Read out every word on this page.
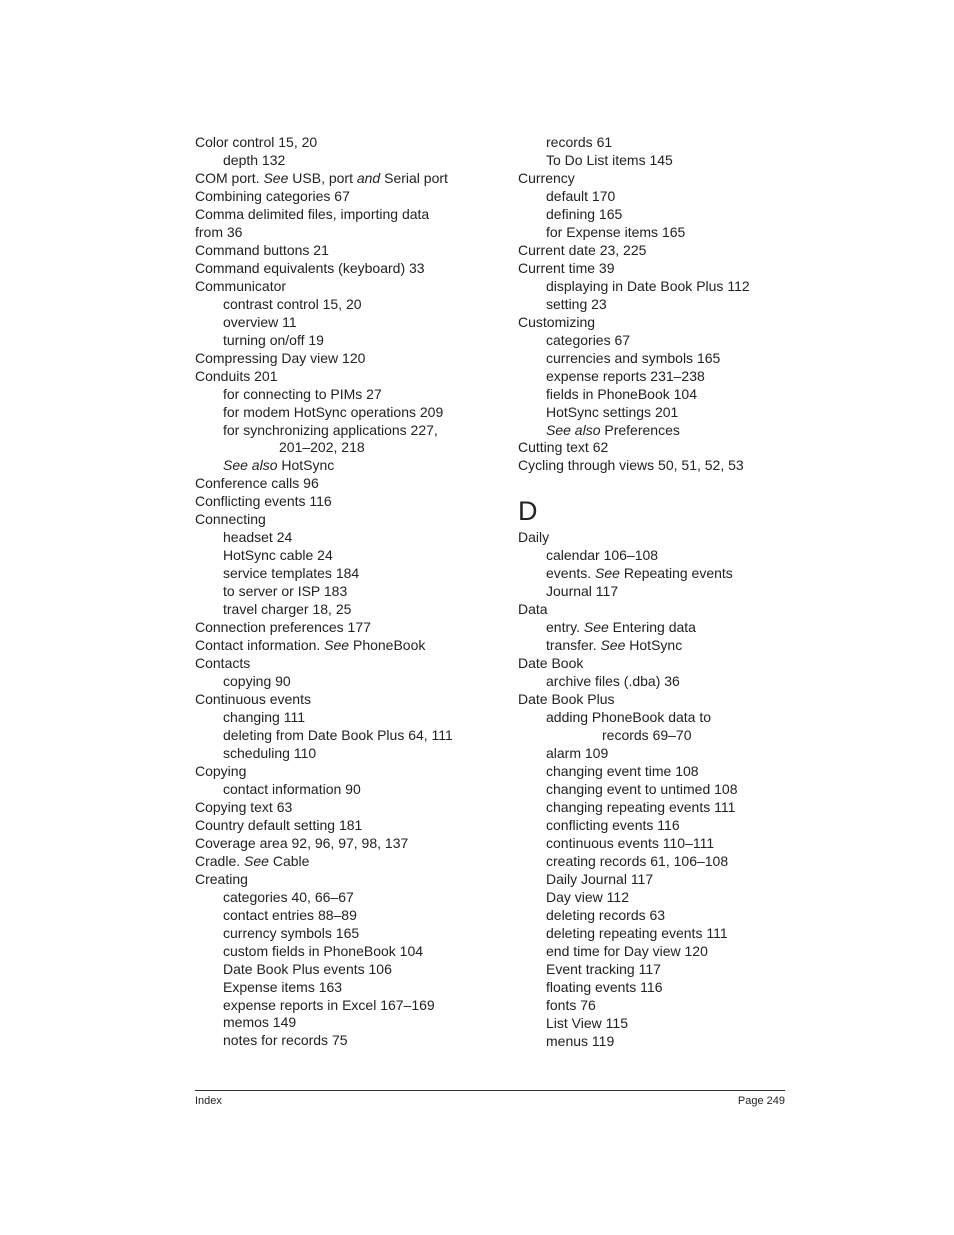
Color control 15, 20
depth 132
COM port. See USB, port and Serial port
Combining categories 67
Comma delimited files, importing data
from 36
Command buttons 21
Command equivalents (keyboard) 33
Communicator
contrast control 15, 20
overview 11
turning on/off 19
Compressing Day view 120
Conduits 201
for connecting to PIMs 27
for modem HotSync operations 209
for synchronizing applications 227,
201–202, 218
See also HotSync
Conference calls 96
Conflicting events 116
Connecting
headset 24
HotSync cable 24
service templates 184
to server or ISP 183
travel charger 18, 25
Connection preferences 177
Contact information. See PhoneBook
Contacts
copying 90
Continuous events
changing 111
deleting from Date Book Plus 64, 111
scheduling 110
Copying
contact information 90
Copying text 63
Country default setting 181
Coverage area 92, 96, 97, 98, 137
Cradle. See Cable
Creating
categories 40, 66–67
contact entries 88–89
currency symbols 165
custom fields in PhoneBook 104
Date Book Plus events 106
Expense items 163
expense reports in Excel 167–169
memos 149
notes for records 75
records 61
To Do List items 145
Currency
default 170
defining 165
for Expense items 165
Current date 23, 225
Current time 39
displaying in Date Book Plus 112
setting 23
Customizing
categories 67
currencies and symbols 165
expense reports 231–238
fields in PhoneBook 104
HotSync settings 201
See also Preferences
Cutting text 62
Cycling through views 50, 51, 52, 53
D
Daily
calendar 106–108
events. See Repeating events
Journal 117
Data
entry. See Entering data
transfer. See HotSync
Date Book
archive files (.dba) 36
Date Book Plus
adding PhoneBook data to
records 69–70
alarm 109
changing event time 108
changing event to untimed 108
changing repeating events 111
conflicting events 116
continuous events 110–111
creating records 61, 106–108
Daily Journal 117
Day view 112
deleting records 63
deleting repeating events 111
end time for Day view 120
Event tracking 117
floating events 116
fonts 76
List View 115
menus 119
Index	Page 249
